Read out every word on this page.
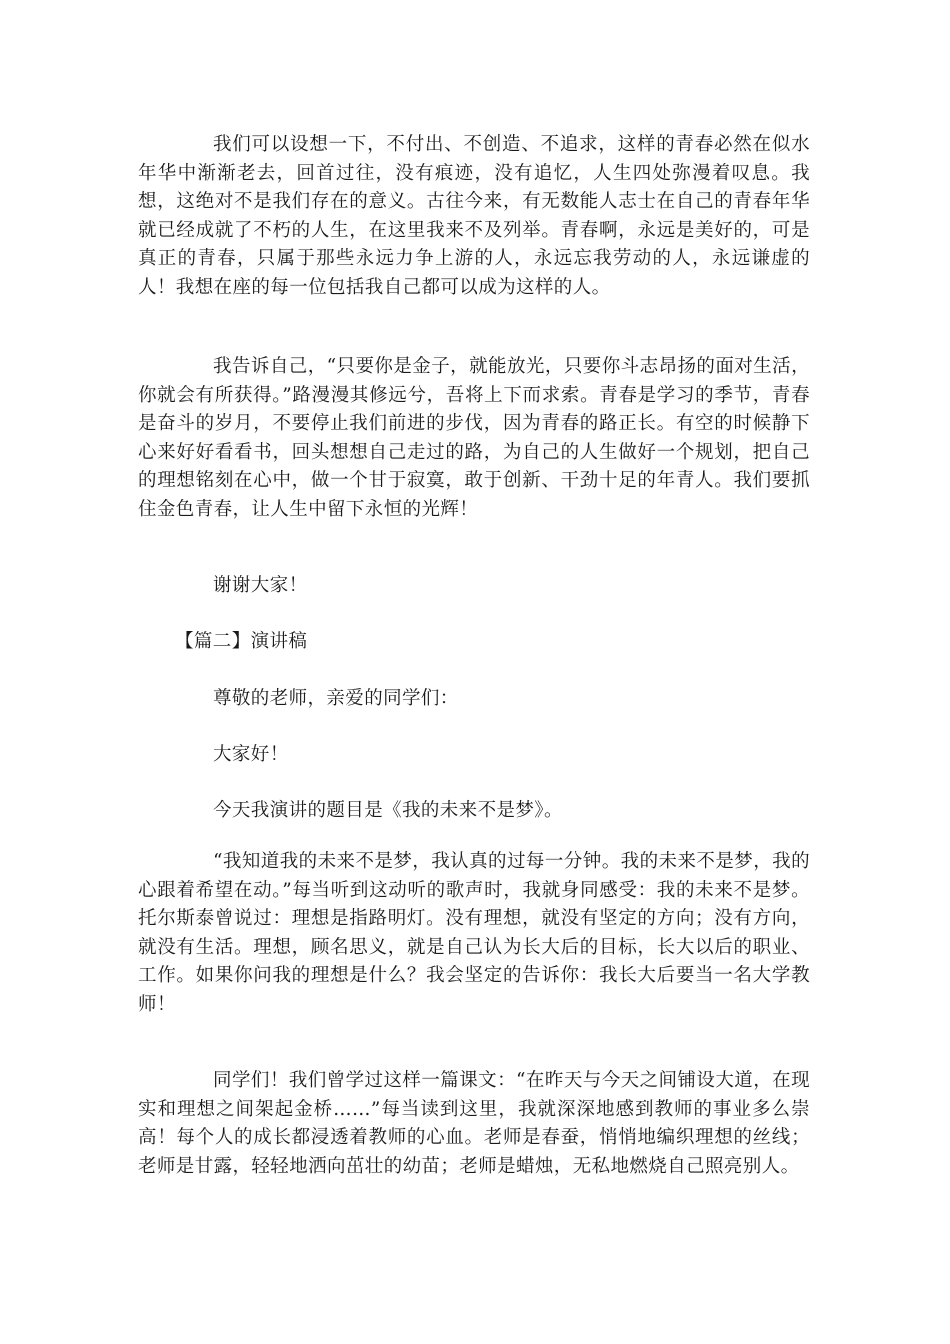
我们可以设想一下，不付出、不创造、不追求，这样的青春必然在似水年华中渐渐老去，回首过往，没有痕迹，没有追忆，人生四处弥漫着叹息。我想，这绝对不是我们存在的意义。古往今来，有无数能人志士在自己的青春年华就已经成就了不朽的人生，在这里我来不及列举。青春啊，永远是美好的，可是真正的青春，只属于那些永远力争上游的人，永远忘我劳动的人，永远谦虚的人！我想在座的每一位包括我自己都可以成为这样的人。

我告诉自己，“只要你是金子，就能放光，只要你斗志昂扬的面对生活，你就会有所获得。”路漫漫其修远兮，吾将上下而求索。青春是学习的季节，青春是奋斗的岁月，不要停止我们前进的步伐，因为青春的路正长。有空的时候静下心来好好看看书，回头想想自己走过的路，为自己的人生做好一个规划，把自己的理想铭刻在心中，做一个甘于寂寞，敢于创新、干劲十足的年青人。我们要抓住金色青春，让人生中留下永恒的光辉！

谢谢大家！

【篇二】演讲稿

尊敬的老师，亲爱的同学们：

大家好！

今天我演讲的题目是《我的未来不是梦》。

“我知道我的未来不是梦，我认真的过每一分钟。我的未来不是梦，我的心跟着希望在动。”每当听到这动听的歌声时，我就身同感受：我的未来不是梦。托尔斯泰曾说过：理想是指路明灯。没有理想，就没有坚定的方向；没有方向，就没有生活。理想，顾名思义，就是自己认为长大后的目标，长大以后的职业、工作。如果你问我的理想是什么？我会坚定的告诉你：我长大后要当一名大学教师！

同学们！我们曾学过这样一篇课文：“在昨天与今天之间铺设大道，在现实和理想之间架起金桥……”每当读到这里，我就深深地感到教师的事业多么崇高！每个人的成长都浸透着教师的心血。老师是春蚕，悄悄地编织理想的丝线；老师是甘露，轻轻地洒向茁壮的幼苗；老师是蜡烛，无私地燃烧自己照亮别人。
